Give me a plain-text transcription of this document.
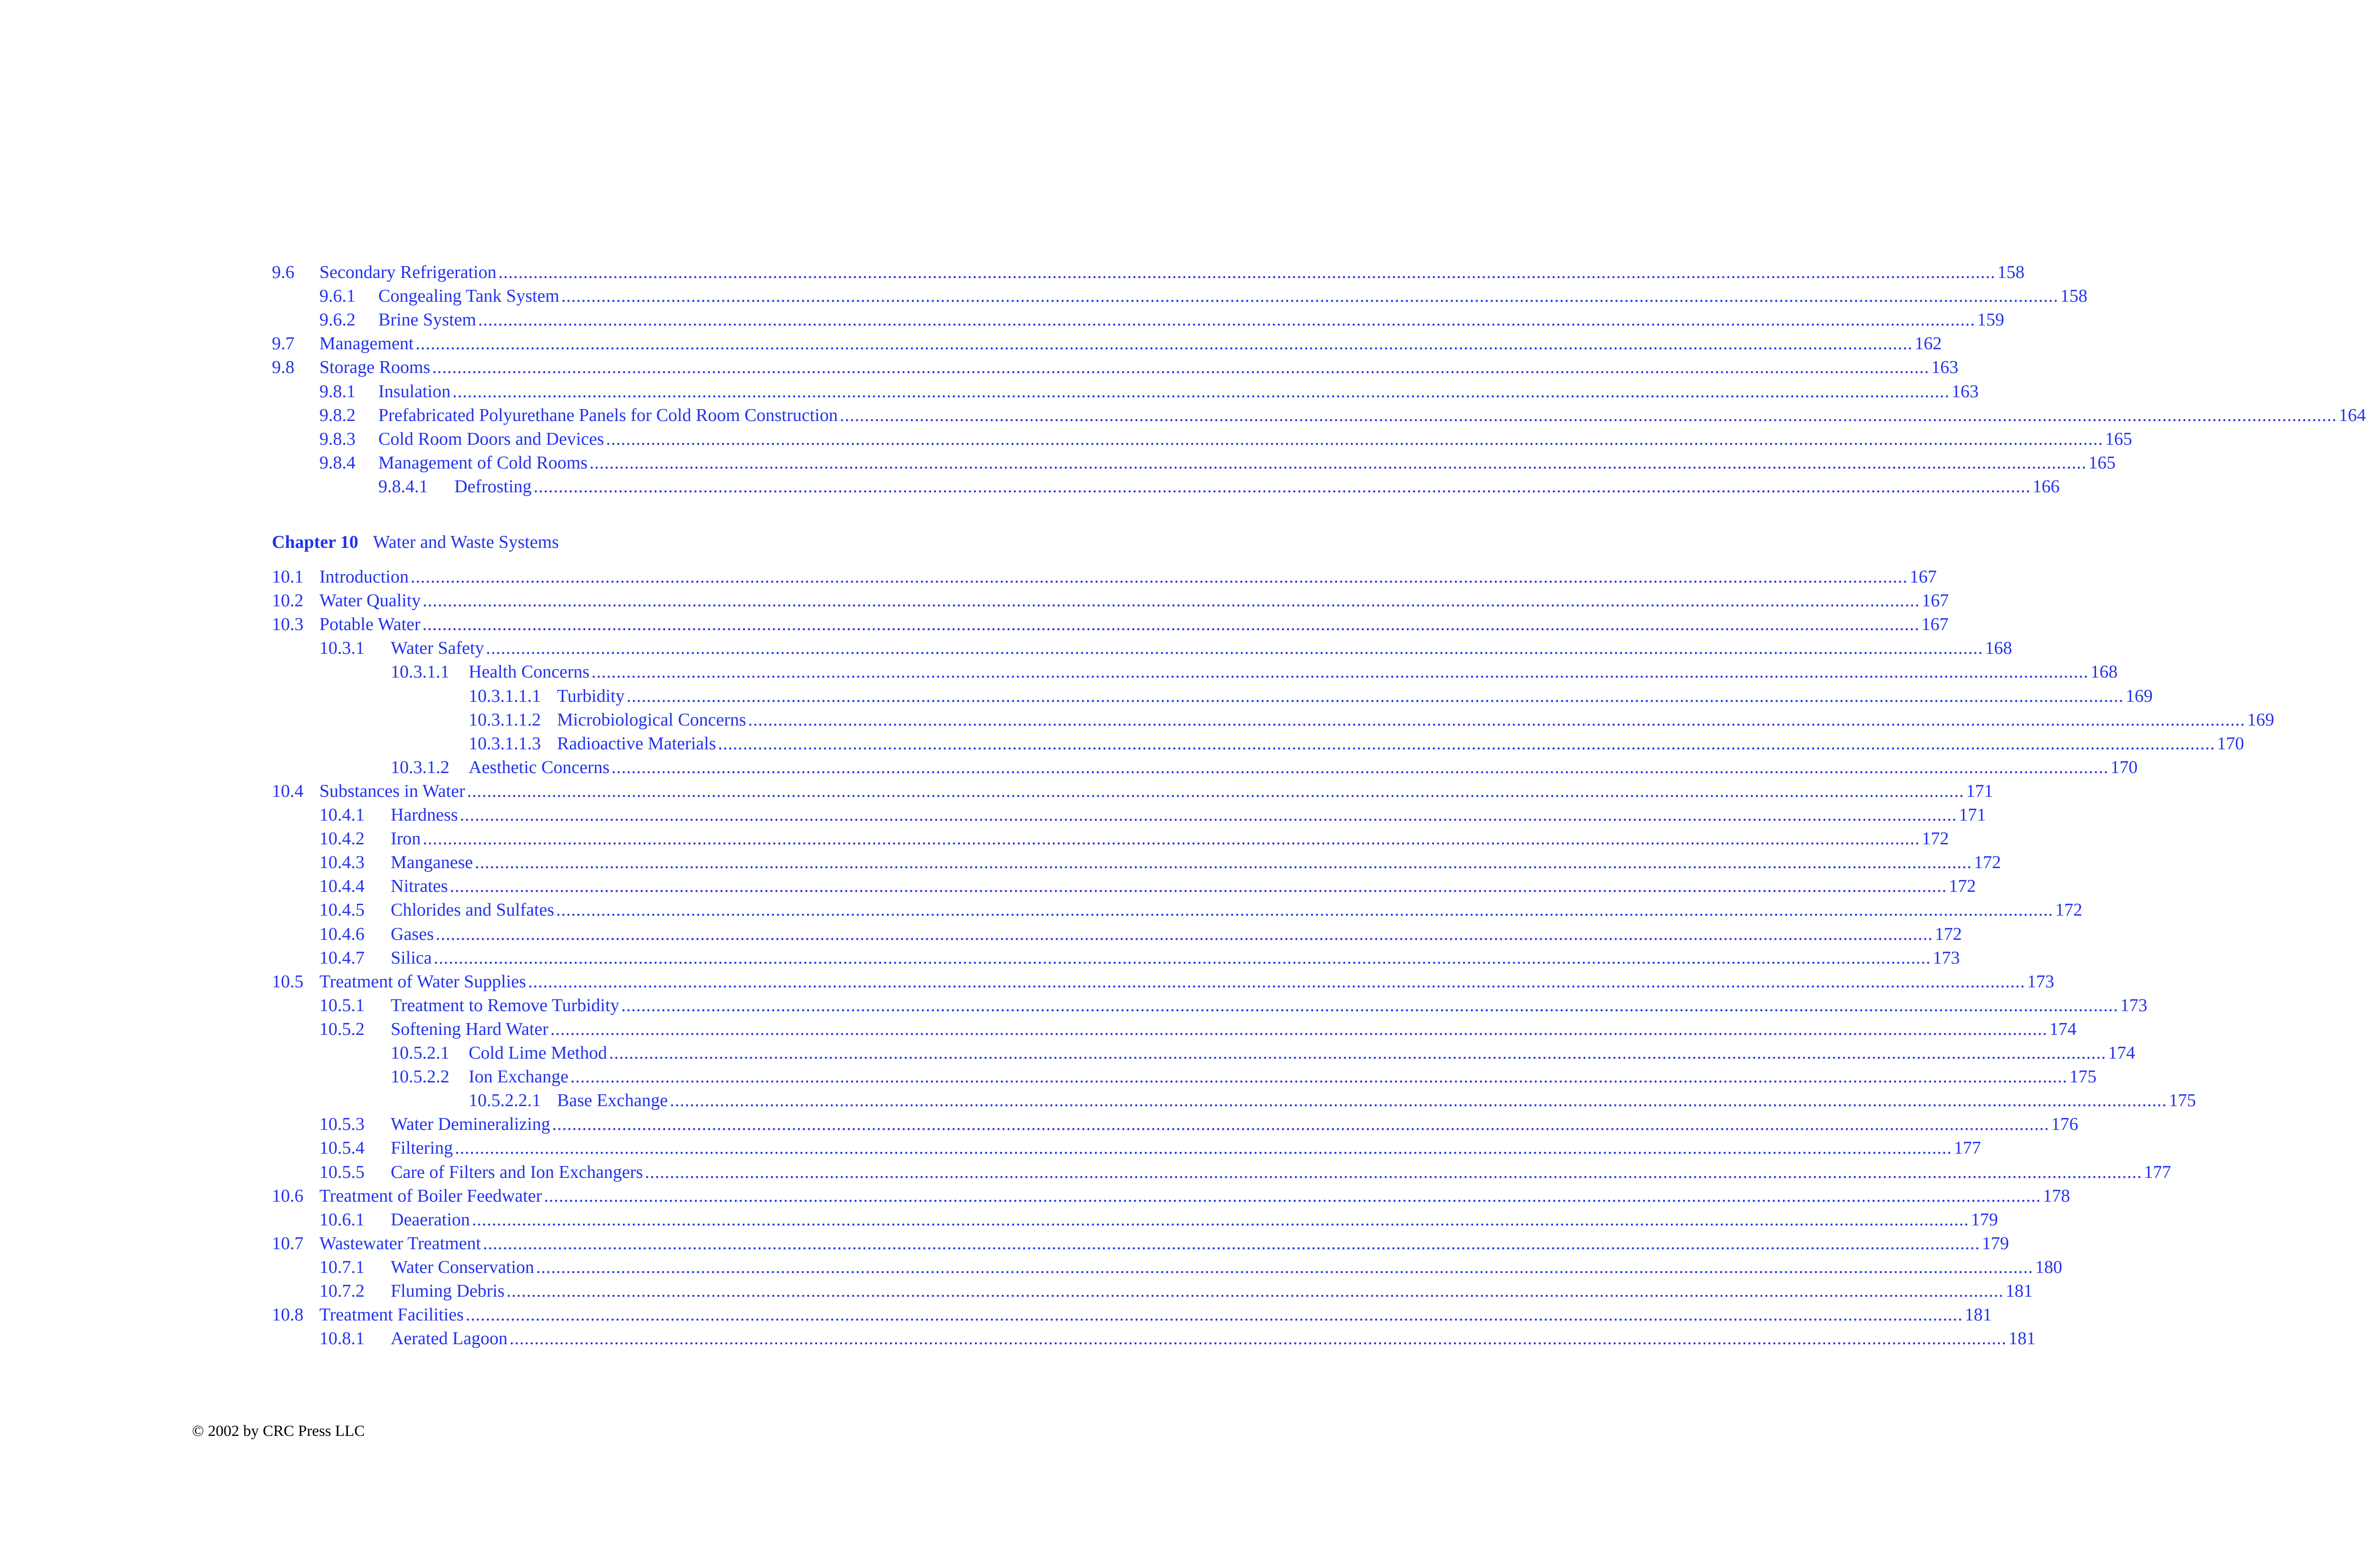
9.6 Secondary Refrigeration ............................................................................................................................................................................................................................................................................................................ 158
9.6.1 Congealing Tank System ............................................................................................................................................................................................................................................................................................................ 158
9.6.2 Brine System ............................................................................................................................................................................................................................................................................................................ 159
9.7 Management ............................................................................................................................................................................................................................................................................................................ 162
9.8 Storage Rooms ............................................................................................................................................................................................................................................................................................................ 163
9.8.1 Insulation ............................................................................................................................................................................................................................................................................................................ 163
9.8.2 Prefabricated Polyurethane Panels for Cold Room Construction ............................................................................................................................................................................................................................................................................................................ 164
9.8.3 Cold Room Doors and Devices ............................................................................................................................................................................................................................................................................................................ 165
9.8.4 Management of Cold Rooms ............................................................................................................................................................................................................................................................................................................ 165
9.8.4.1 Defrosting ............................................................................................................................................................................................................................................................................................................ 166
Chapter 10 Water and Waste Systems
10.1 Introduction ............................................................................................................................................................................................................................................................................................................ 167
10.2 Water Quality ............................................................................................................................................................................................................................................................................................................ 167
10.3 Potable Water ............................................................................................................................................................................................................................................................................................................ 167
10.3.1 Water Safety ............................................................................................................................................................................................................................................................................................................ 168
10.3.1.1 Health Concerns ............................................................................................................................................................................................................................................................................................................ 168
10.3.1.1.1 Turbidity ............................................................................................................................................................................................................................................................................................................ 169
10.3.1.1.2 Microbiological Concerns ............................................................................................................................................................................................................................................................................................................ 169
10.3.1.1.3 Radioactive Materials ............................................................................................................................................................................................................................................................................................................ 170
10.3.1.2 Aesthetic Concerns ............................................................................................................................................................................................................................................................................................................ 170
10.4 Substances in Water ............................................................................................................................................................................................................................................................................................................ 171
10.4.1 Hardness ............................................................................................................................................................................................................................................................................................................ 171
10.4.2 Iron ............................................................................................................................................................................................................................................................................................................ 172
10.4.3 Manganese ............................................................................................................................................................................................................................................................................................................ 172
10.4.4 Nitrates ............................................................................................................................................................................................................................................................................................................ 172
10.4.5 Chlorides and Sulfates ............................................................................................................................................................................................................................................................................................................ 172
10.4.6 Gases ............................................................................................................................................................................................................................................................................................................ 172
10.4.7 Silica ............................................................................................................................................................................................................................................................................................................ 173
10.5 Treatment of Water Supplies ............................................................................................................................................................................................................................................................................................................ 173
10.5.1 Treatment to Remove Turbidity ............................................................................................................................................................................................................................................................................................................ 173
10.5.2 Softening Hard Water ............................................................................................................................................................................................................................................................................................................ 174
10.5.2.1 Cold Lime Method ............................................................................................................................................................................................................................................................................................................ 174
10.5.2.2 Ion Exchange ............................................................................................................................................................................................................................................................................................................ 175
10.5.2.2.1 Base Exchange ............................................................................................................................................................................................................................................................................................................ 175
10.5.3 Water Demineralizing ............................................................................................................................................................................................................................................................................................................ 176
10.5.4 Filtering ............................................................................................................................................................................................................................................................................................................ 177
10.5.5 Care of Filters and Ion Exchangers ............................................................................................................................................................................................................................................................................................................ 177
10.6 Treatment of Boiler Feedwater ............................................................................................................................................................................................................................................................................................................ 178
10.6.1 Deaeration ............................................................................................................................................................................................................................................................................................................ 179
10.7 Wastewater Treatment ............................................................................................................................................................................................................................................................................................................ 179
10.7.1 Water Conservation ............................................................................................................................................................................................................................................................................................................ 180
10.7.2 Fluming Debris ............................................................................................................................................................................................................................................................................................................ 181
10.8 Treatment Facilities ............................................................................................................................................................................................................................................................................................................ 181
10.8.1 Aerated Lagoon ............................................................................................................................................................................................................................................................................................................ 181
© 2002 by CRC Press LLC
